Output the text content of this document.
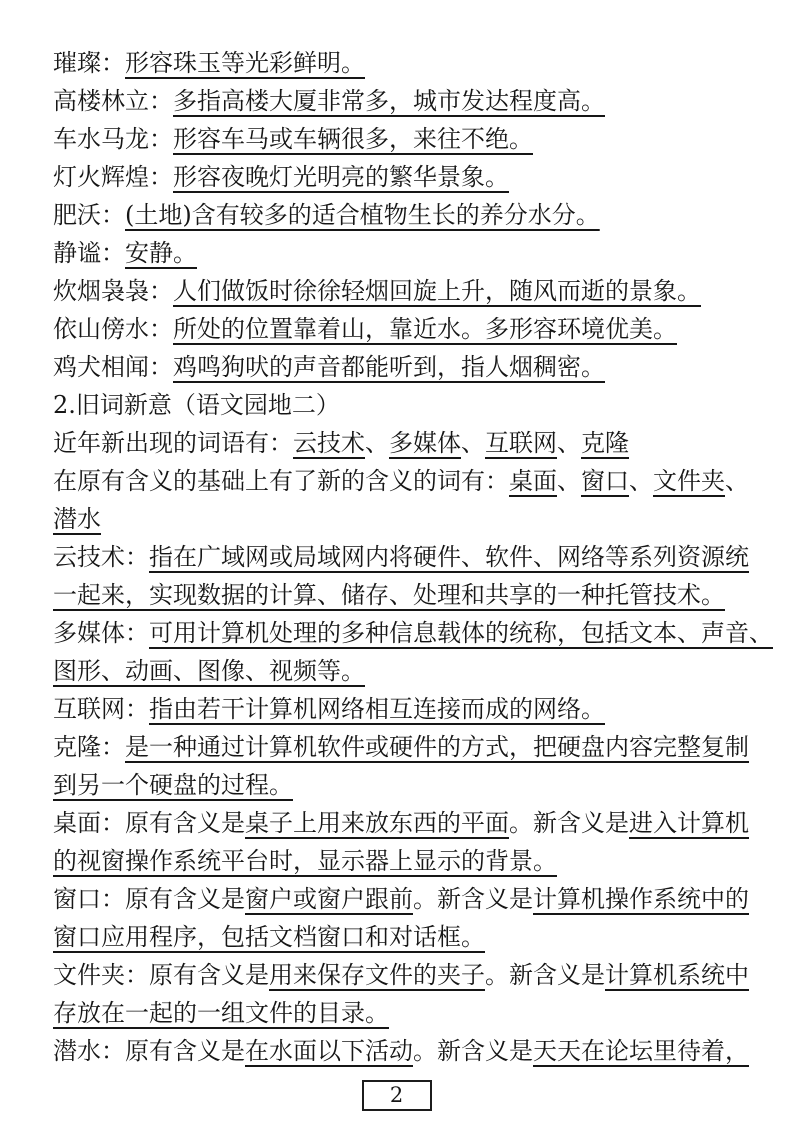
璀璨：形容珠玉等光彩鲜明。
高楼林立：多指高楼大厦非常多，城市发达程度高。
车水马龙：形容车马或车辆很多，来往不绝。
灯火辉煌：形容夜晚灯光明亮的繁华景象。
肥沃：(土地)含有较多的适合植物生长的养分水分。
静谧：安静。
炊烟袅袅：人们做饭时徐徐轻烟回旋上升，随风而逝的景象。
依山傍水：所处的位置靠着山，靠近水。多形容环境优美。
鸡犬相闻：鸡鸣狗吠的声音都能听到，指人烟稠密。
2.旧词新意（语文园地二）
近年新出现的词语有：云技术、多媒体、互联网、克隆
在原有含义的基础上有了新的含义的词有：桌面、窗口、文件夹、
潜水
云技术：指在广域网或局域网内将硬件、软件、网络等系列资源统
一起来，实现数据的计算、储存、处理和共享的一种托管技术。
多媒体：可用计算机处理的多种信息载体的统称，包括文本、声音、
图形、动画、图像、视频等。
互联网：指由若干计算机网络相互连接而成的网络。
克隆：是一种通过计算机软件或硬件的方式，把硬盘内容完整复制
到另一个硬盘的过程。
桌面：原有含义是桌子上用来放东西的平面。新含义是进入计算机
的视窗操作系统平台时，显示器上显示的背景。
窗口：原有含义是窗户或窗户跟前。新含义是计算机操作系统中的
窗口应用程序，包括文档窗口和对话框。
文件夹：原有含义是用来保存文件的夹子。新含义是计算机系统中
存放在一起的一组文件的目录。
潜水：原有含义是在水面以下活动。新含义是天天在论坛里待着，
2
